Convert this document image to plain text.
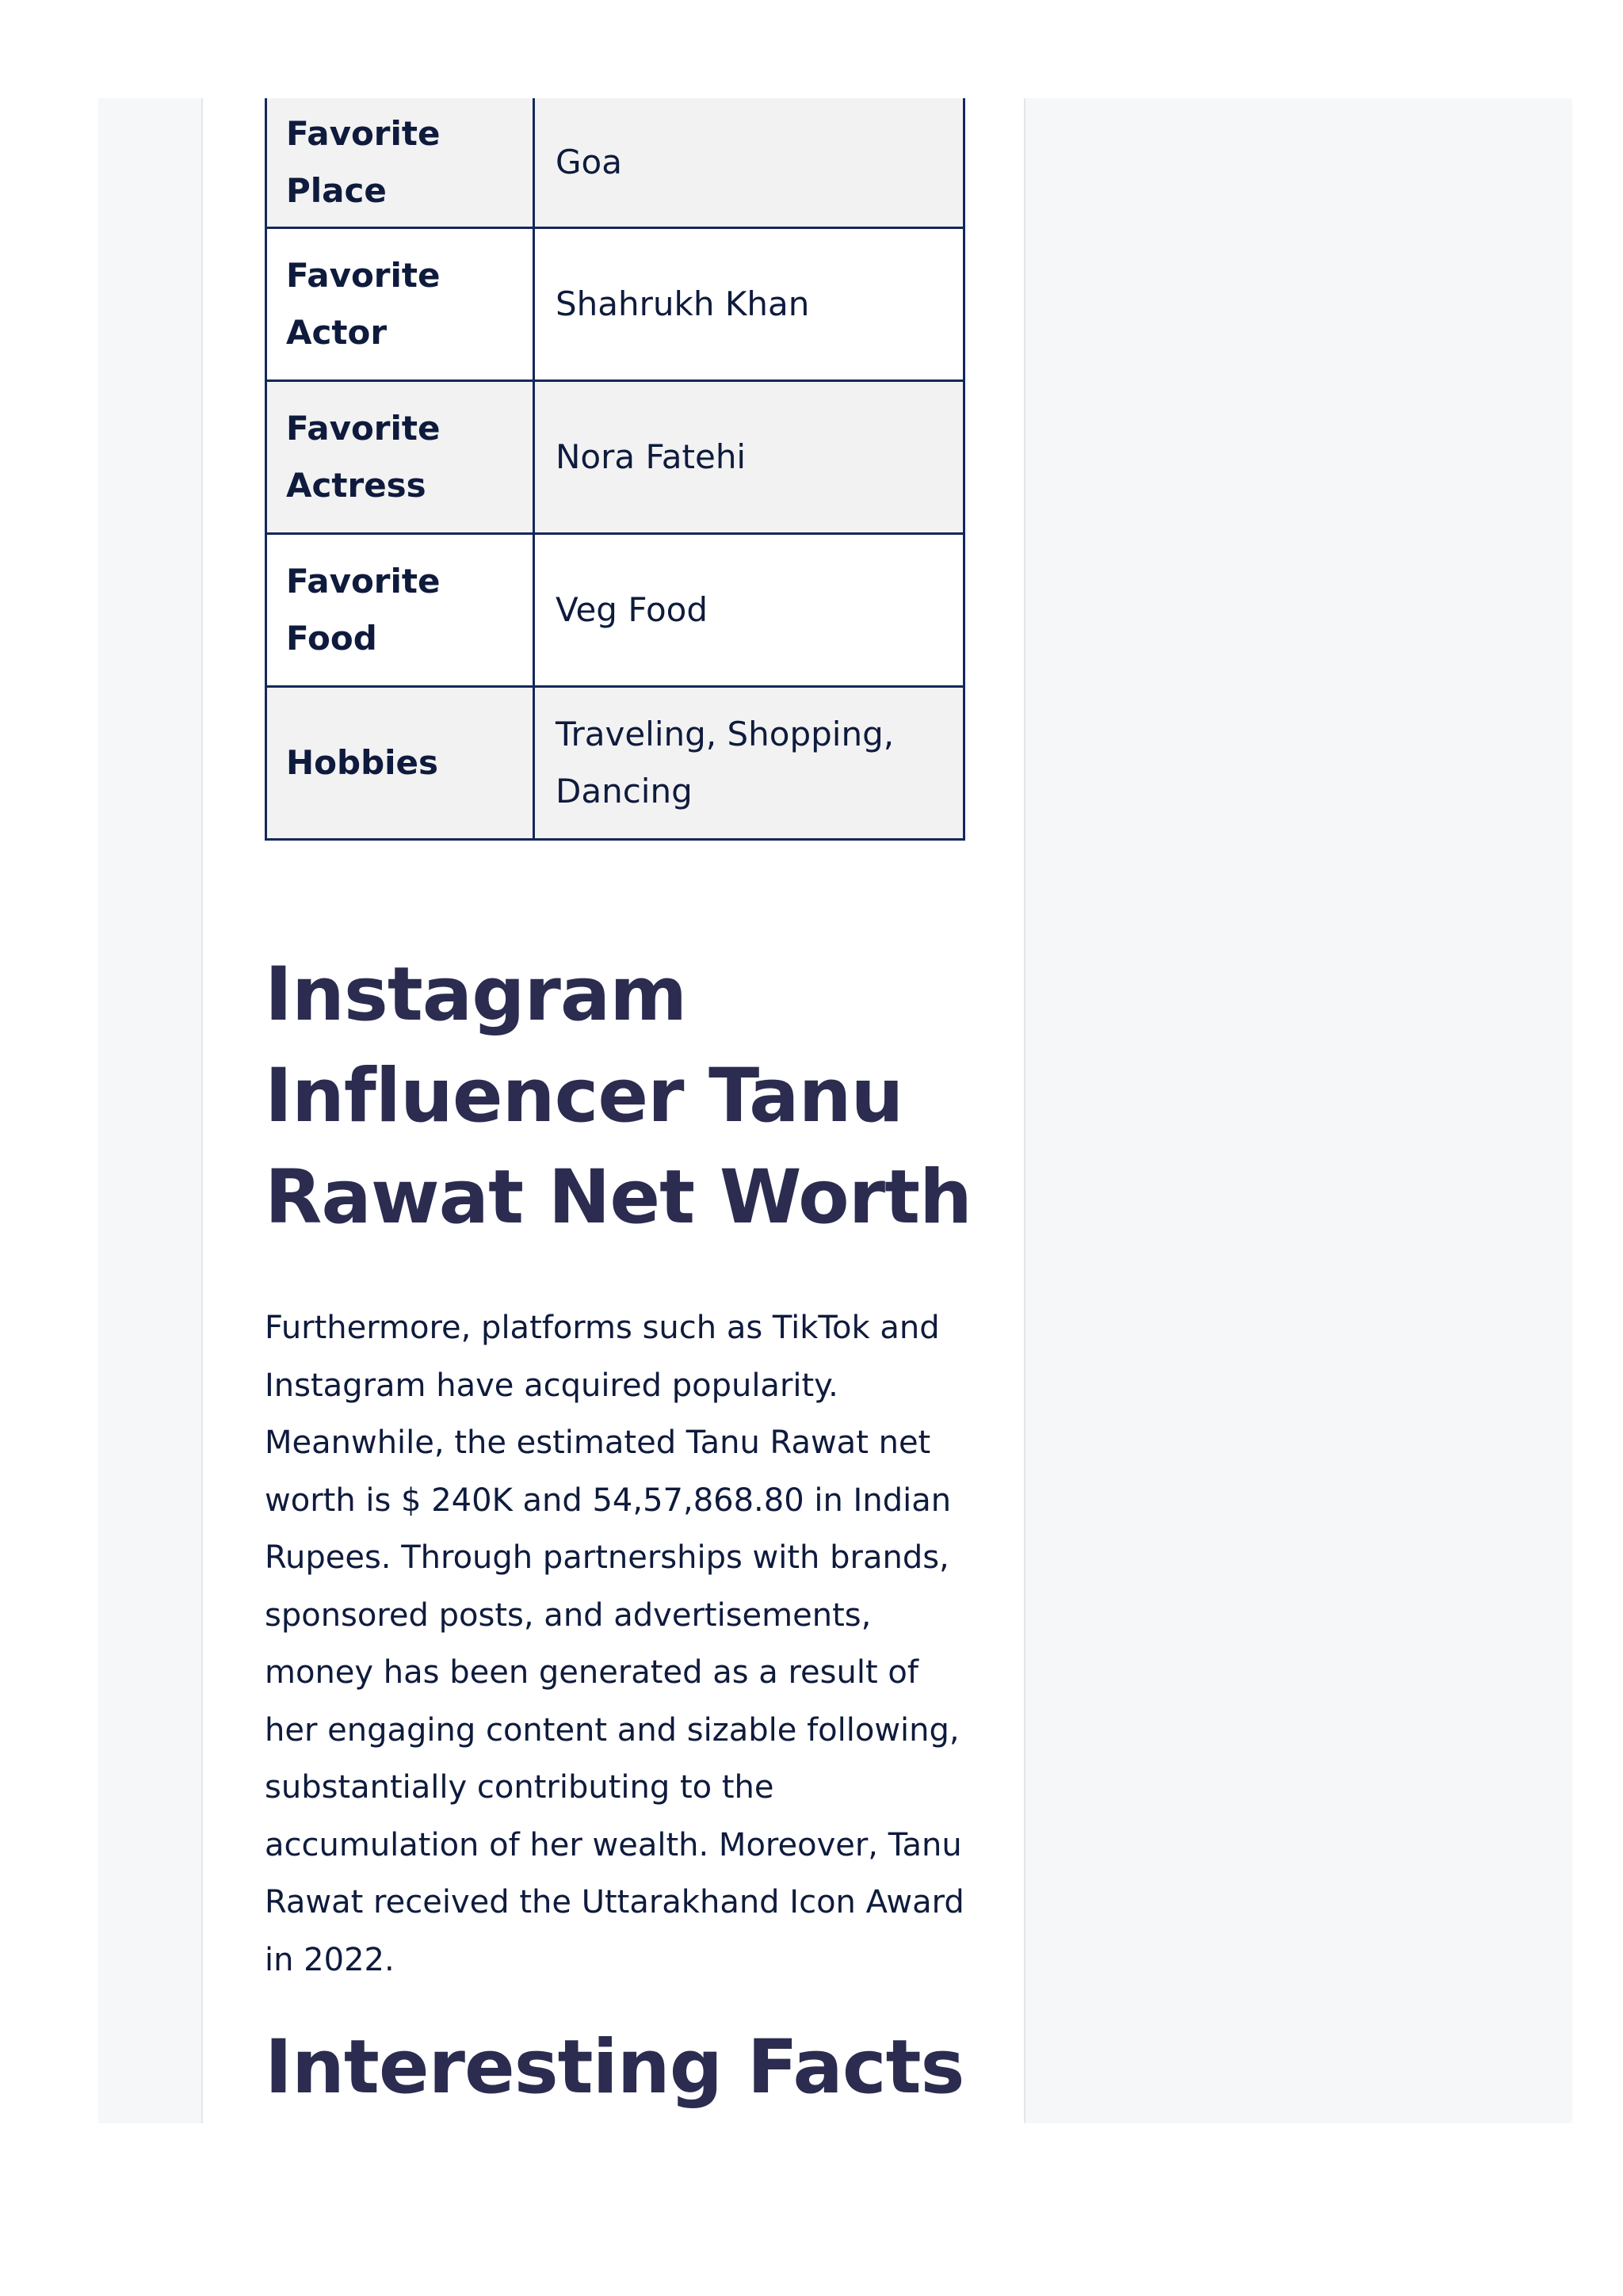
Favorite Place	Goa
Favorite Actor	Shahrukh Khan
Favorite Actress	Nora Fatehi
Favorite Food	Veg Food
Hobbies	Traveling, Shopping, Dancing
Instagram Influencer Tanu Rawat Net Worth

Furthermore, platforms such as TikTok and Instagram have acquired popularity. Meanwhile, the estimated Tanu Rawat net worth is $ 240K and 54,57,868.80 in Indian Rupees. Through partnerships with brands, sponsored posts, and advertisements, money has been generated as a result of her engaging content and sizable following, substantially contributing to the accumulation of her wealth. Moreover, Tanu Rawat received the Uttarakhand Icon Award in 2022.

Interesting Facts
